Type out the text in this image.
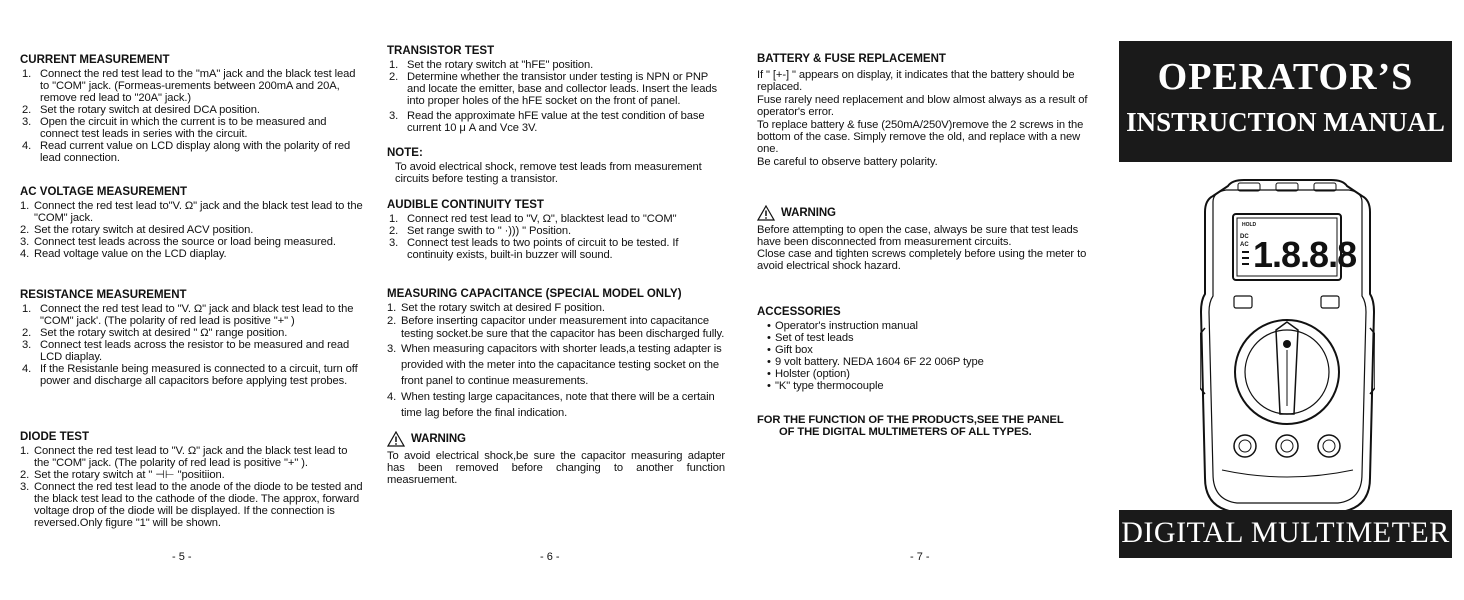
CURRENT MEASUREMENT
1. Connect the red test lead to the "mA" jack and the black test lead to "COM" jack. (Formeas-urements between 200mA and 20A, remove red lead to "20A" jack.)
2. Set the rotary switch at desired DCA position.
3. Open the circuit in which the current is to be measured and connect test leads in series with the circuit.
4. Read current value on LCD display along with the polarity of red lead connection.
AC VOLTAGE MEASUREMENT
1. Connect the red test lead to"V. Ω" jack and the black test lead to the "COM" jack.
2. Set the rotary switch at desired ACV position.
3. Connect test leads across the source or load being measured.
4. Read voltage value on the LCD diaplay.
RESISTANCE MEASUREMENT
1. Connect the red test lead to "V. Ω" jack and black test lead to the "COM" jack'. (The polarity of red lead is positive "+" )
2. Set the rotary switch at desired " Ω" range position.
3. Connect test leads across the resistor to be measured and read LCD diaplay.
4. If the Resistanle being measured is connected to a circuit, turn off power and discharge all capacitors before applying test probes.
DIODE TEST
1. Connect the red test lead to "V. Ω" jack and the black test lead to the "COM" jack. (The polarity of red lead is positive "+" ).
2. Set the rotary switch at " ⊣⊢ "positiion.
3. Connect the red test lead to the anode of the diode to be tested and the black test lead to the cathode of the diode. The approx, forward voltage drop of the diode will be displayed. If the connection is reversed.Only figure "1" will be shown.
- 5 -
TRANSISTOR TEST
1. Set the rotary switch at "hFE" position.
2. Determine whether the transistor under testing is NPN or PNP and locate the emitter, base and collector leads. Insert the leads into proper holes of the hFE socket on the front of panel.
3. Read the approximate hFE value at the test condition of base current 10 μ A and Vce 3V.
NOTE:

To avoid electrical shock, remove test leads from measurement circuits before testing a transistor.

AUDIBLE CONTINUITY TEST
1. Connect red test lead to "V, Ω", blacktest lead to "COM"
2. Set range swith to " ·))) " Position.
3. Connect test leads to two points of circuit to be tested. If continuity exists, built-in buzzer will sound.
MEASURING CAPACITANCE (SPECIAL MODEL ONLY)
1. Set the rotary switch at desired F position.
2. Before inserting capacitor under measurement into capacitance testing socket.be sure that the capacitor has been discharged fully.
3. When measuring capacitors with shorter leads,a testing adapter is provided with the meter into the capacitance testing socket on the front panel to continue measurements.
4. When testing large capacitances, note that there will be a certain time lag before the final indication.
WARNING

To avoid electrical shock,be sure the capacitor measuring adapter has been removed before changing to another function measruement.

- 6 -
BATTERY & FUSE REPLACEMENT

If " [+-] " appears on display, it indicates that the battery should be replaced.

Fuse rarely need replacement and blow almost always as a result of operator's error.

To replace battery & fuse (250mA/250V)remove the 2 screws in the bottom of the case. Simply remove the old, and replace with a new one.

Be careful to observe battery polarity.

WARNING

Before attempting to open the case, always be sure that test leads have been disconnected from measurement circuits.

Close case and tighten screws completely before using the meter to avoid electrical shock hazard.

ACCESSORIES
• Operator's instruction manual
• Set of test leads
• Gift box
• 9 volt battery. NEDA 1604 6F 22 006P type
• Holster (option)
• "K" type thermocouple
FOR THE FUNCTION OF THE PRODUCTS,SEE THE PANEL
OF THE DIGITAL MULTIMETERS OF ALL TYPES.
- 7 -
OPERATOR’S
INSTRUCTION MANUAL
HOLD
DC
AC 1.8.8.8
DIGITAL MULTIMETER
